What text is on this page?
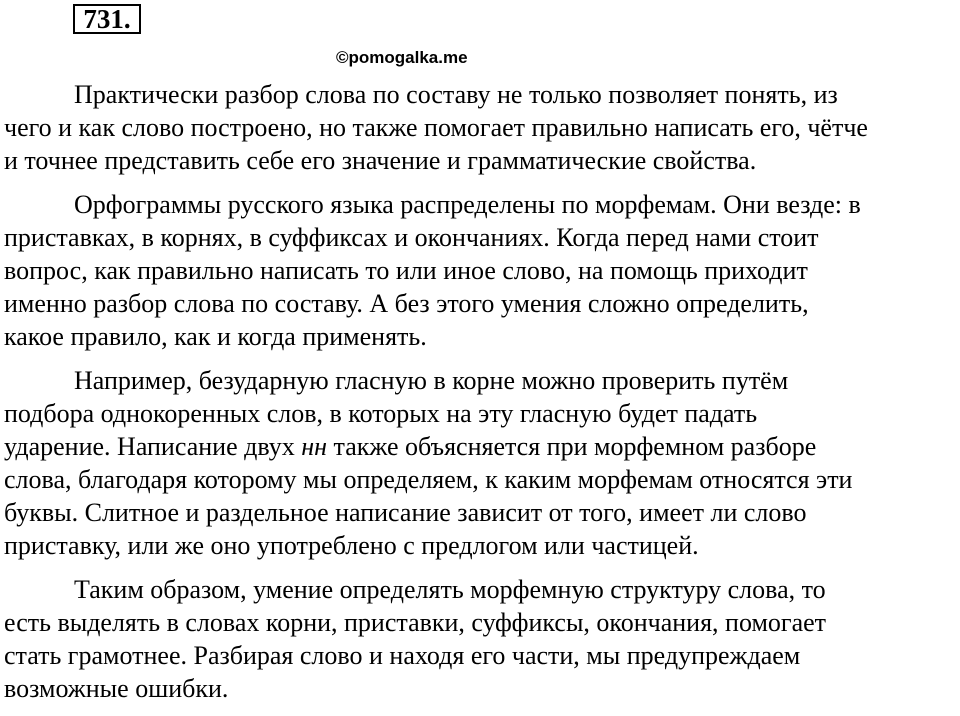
731.
©pomogalka.me

Практически разбор слова по составу не только позволяет понять, из
чего и как слово построено, но также помогает правильно написать его, чётче
и точнее представить себе его значение и грамматические свойства.

Орфограммы русского языка распределены по морфемам. Они везде: в
приставках, в корнях, в суффиксах и окончаниях. Когда перед нами стоит
вопрос, как правильно написать то или иное слово, на помощь приходит
именно разбор слова по составу. А без этого умения сложно определить,
какое правило, как и когда применять.

Например, безударную гласную в корне можно проверить путём
подбора однокоренных слов, в которых на эту гласную будет падать
ударение. Написание двух нн также объясняется при морфемном разборе
слова, благодаря которому мы определяем, к каким морфемам относятся эти
буквы. Слитное и раздельное написание зависит от того, имеет ли слово
приставку, или же оно употреблено с предлогом или частицей.

Таким образом, умение определять морфемную структуру слова, то
есть выделять в словах корни, приставки, суффиксы, окончания, помогает
стать грамотнее. Разбирая слово и находя его части, мы предупреждаем
возможные ошибки.
